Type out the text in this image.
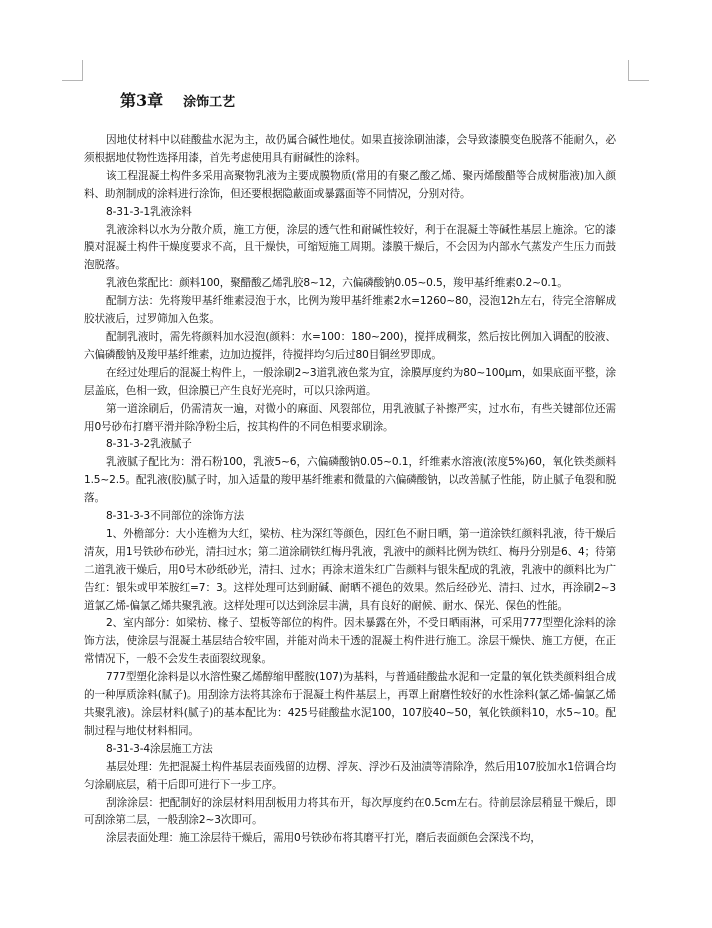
第3章 涂饰工艺

因地仗材料中以硅酸盐水泥为主，故仍属合碱性地仗。如果直接涂刷油漆，会导致漆膜变色脱落不能耐久，必须根据地仗物性选择用漆，首先考虑使用具有耐碱性的涂料。

该工程混凝土构件多采用高聚物乳液为主要成膜物质(常用的有聚乙酸乙烯、聚丙烯酸醋等合成树脂液)加入颜料、助剂制成的涂料进行涂饰，但还要根据隐蔽面或暴露面等不同情况，分别对待。

8-31-3-1乳液涂料

乳液涂料以水为分散介质，施工方便，涂层的透气性和耐碱性较好，利于在混凝土等碱性基层上施涂。它的漆膜对混凝土构件干燥度要求不高，且干燥快，可缩短施工周期。漆膜干燥后，不会因为内部水气蒸发产生压力而鼓泡脱落。

乳液色浆配比：颜料100，聚醋酸乙烯乳胶8~12，六偏磷酸钠0.05~0.5，羧甲基纤维素0.2~0.1。

配制方法：先将羧甲基纤维素浸泡于水，比例为羧甲基纤维素2水=1260~80，浸泡12h左右，待完全溶解成胶状液后，过罗筛加入色浆。

配制乳液时，需先将颜料加水浸泡(颜料：水=100：180~200)，搅拌成稠浆，然后按比例加入调配的胶液、六偏磷酸钠及羧甲基纤维素，边加边搅拌，待搅拌均匀后过80目铜丝罗即成。

在经过处理后的混凝土构件上，一般涂刷2~3道乳液色浆为宜，涂膜厚度约为80~100μm，如果底面平整，涂层盖底，色相一致，但涂膜已产生良好光亮时，可以只涂两道。

第一道涂刷后，仍需清灰一遍，对微小的麻面、风裂部位，用乳液腻子补擦严实，过水布，有些关键部位还需用0号砂布打磨平滑并除净粉尘后，按其构件的不同色相要求刷涂。

8-31-3-2乳液腻子

乳液腻子配比为：滑石粉100，乳液5~6，六偏磷酸钠0.05~0.1，纤维素水溶液(浓度5%)60，氧化铁类颜料1.5~2.5。配乳液(胶)腻子时，加入适量的羧甲基纤维素和微量的六偏磷酸钠，以改善腻子性能，防止腻子龟裂和脱落。

8-31-3-3不同部位的涂饰方法

1、外檐部分：大小连檐为大红，梁枋、柱为深红等颜色，因红色不耐日晒，第一道涂铁红颜料乳液，待干燥后清灰，用1号铁砂布砂光，清扫过水；第二道涂刷铁红梅丹乳液，乳液中的颜料比例为铁红、梅丹分别是6、4；待第二道乳液干燥后，用0号木砂纸砂光，清扫、过水；再涂末道朱红广告颜料与银朱配成的乳液，乳液中的颜料比为广告红：银朱或甲苯胺红=7：3。这样处理可达到耐碱、耐晒不褪色的效果。然后经砂光、清扫、过水，再涂刷2~3道氯乙烯-偏氯乙烯共聚乳液。这样处理可以达到涂层丰满，具有良好的耐候、耐水、保光、保色的性能。

2、室内部分：如梁枋、椽子、望板等部位的构件。因未暴露在外，不受日晒雨淋，可采用777型塑化涂料的涂饰方法，使涂层与混凝土基层结合较牢固，并能对尚未干透的混凝土构件进行施工。涂层干燥快、施工方便，在正常情况下，一般不会发生表面裂纹现象。

777型塑化涂料是以水溶性聚乙烯醇缩甲醛胺(107)为基料，与普通硅酸盐水泥和一定量的氧化铁类颜料组合成的一种厚质涂料(腻子)。用刮涂方法将其涂布于混凝土构件基层上，再罩上耐磨性较好的水性涂料(氯乙烯-偏氯乙烯共聚乳液)。涂层材料(腻子)的基本配比为：425号硅酸盐水泥100，107胶40~50，氧化铁颜料10，水5~10。配制过程与地仗材料相同。

8-31-3-4涂层施工方法

基层处理：先把混凝土构件基层表面残留的边楞、浮灰、浮沙石及油渍等清除净，然后用107胶加水1倍调合均匀涂刷底层，稍干后即可进行下一步工序。

刮涂涂层：把配制好的涂层材料用刮板用力将其布开，每次厚度约在0.5cm左右。待前层涂层稍显干燥后，即可刮涂第二层，一般刮涂2~3次即可。

涂层表面处理：施工涂层待干燥后，需用0号铁砂布将其磨平打光，磨后表面颜色会深浅不均，
